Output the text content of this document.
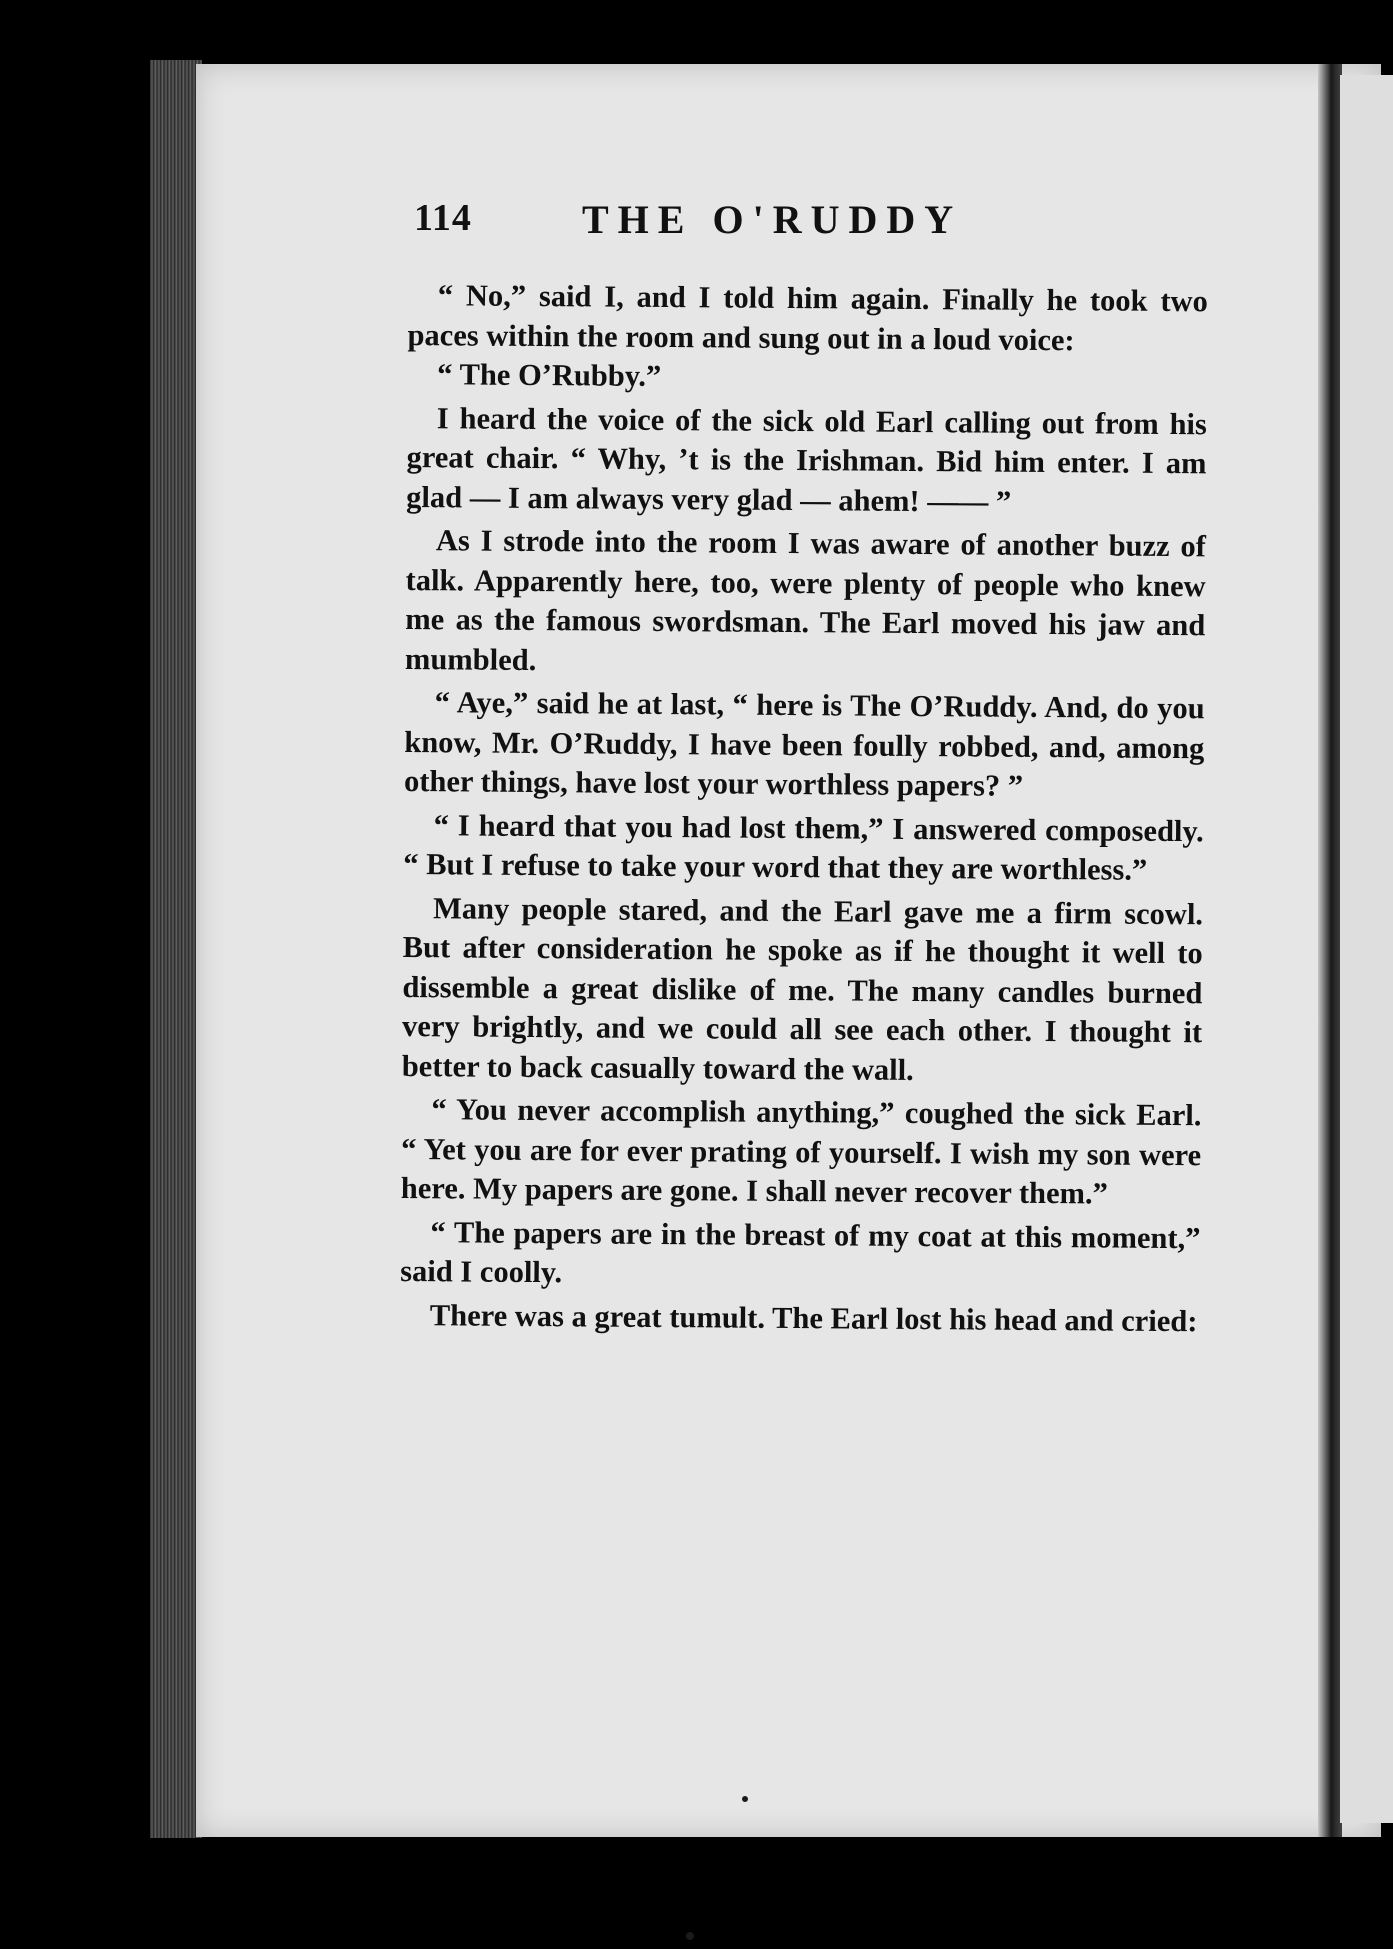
114	THE O'RUDDY

“ No,” said I, and I told him again. Finally he took two paces within the room and sung out in a loud voice:

“ The O’Rubby.”

I heard the voice of the sick old Earl calling out from his great chair. “ Why, ’t is the Irishman. Bid him enter. I am glad — I am always very glad — ahem! —— ”

As I strode into the room I was aware of another buzz of talk. Apparently here, too, were plenty of people who knew me as the famous swordsman. The Earl moved his jaw and mumbled.

“ Aye,” said he at last, “ here is The O’Ruddy. And, do you know, Mr. O’Ruddy, I have been foully robbed, and, among other things, have lost your worthless papers? ”

“ I heard that you had lost them,” I answered composedly. “ But I refuse to take your word that they are worthless.”

Many people stared, and the Earl gave me a firm scowl. But after consideration he spoke as if he thought it well to dissemble a great dislike of me. The many candles burned very brightly, and we could all see each other. I thought it better to back casually toward the wall.

“ You never accomplish anything,” coughed the sick Earl. “ Yet you are for ever prating of yourself. I wish my son were here. My papers are gone. I shall never recover them.”

“ The papers are in the breast of my coat at this moment,” said I coolly.

There was a great tumult. The Earl lost his head and cried:
